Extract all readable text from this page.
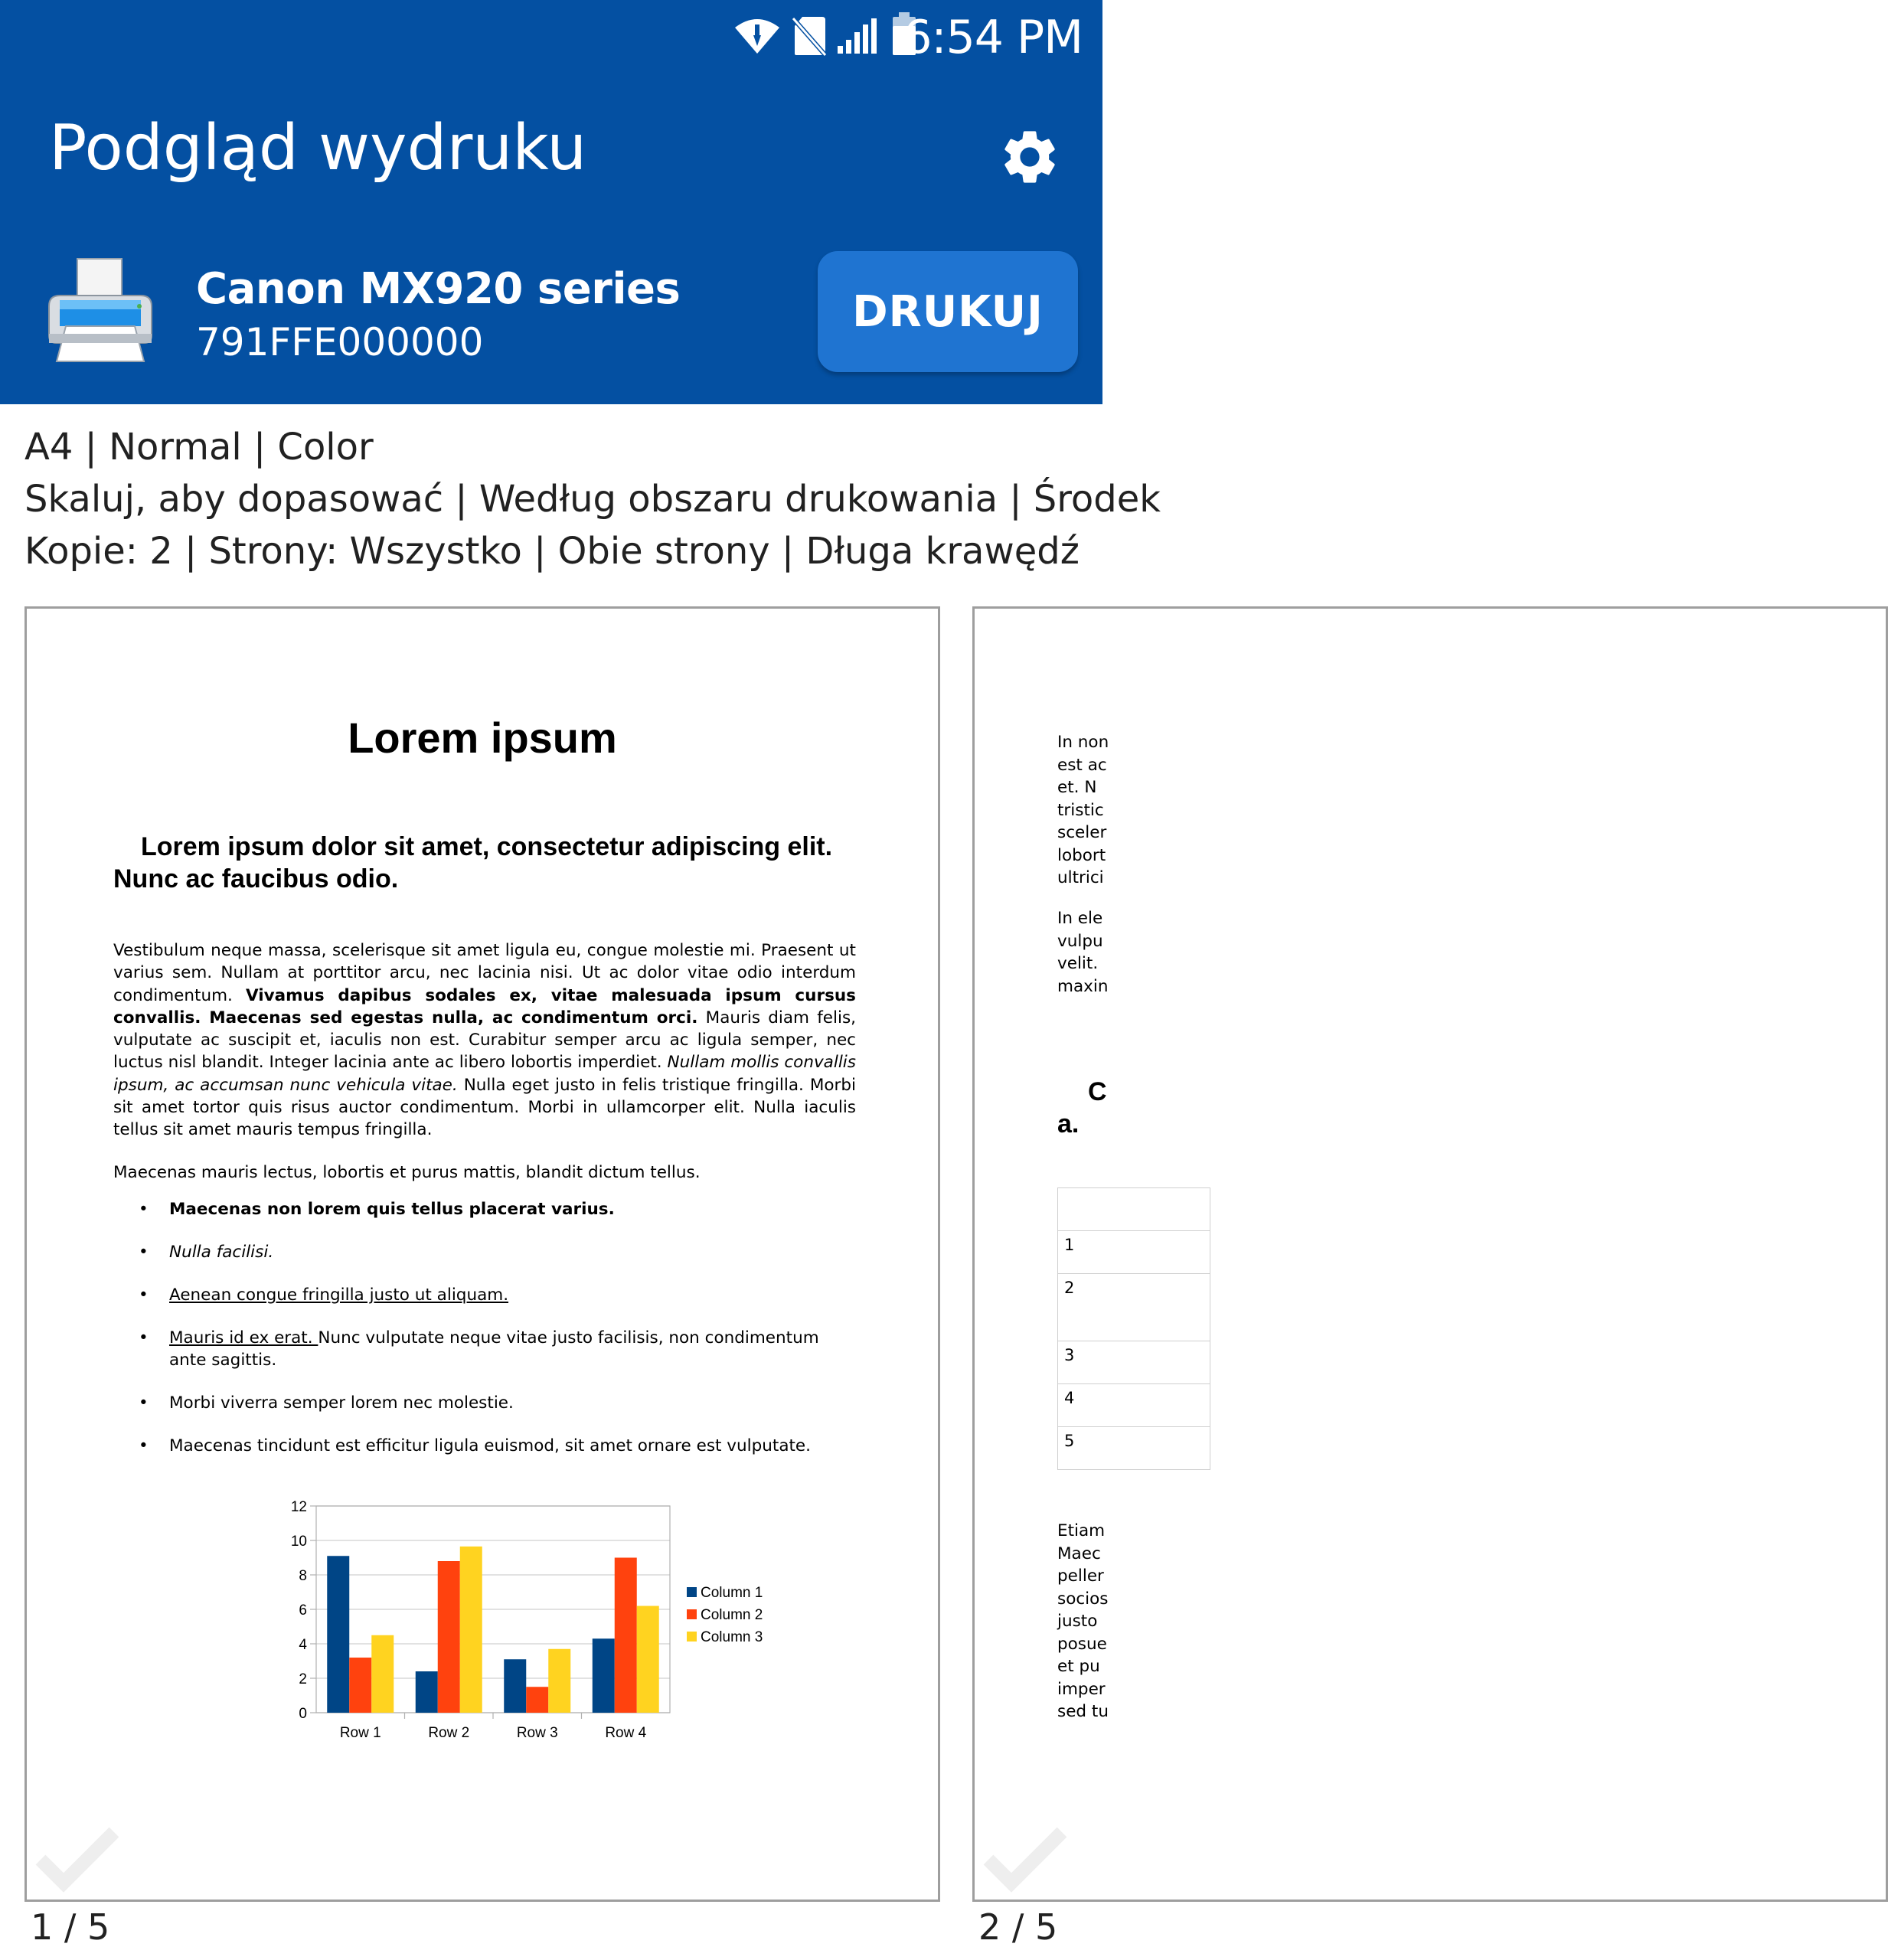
6:54 PM
Podgląd wydruku
Canon MX920 series
791FFE000000
DRUKUJ
A4 | Normal | Color
Skaluj, aby dopasować | Według obszaru drukowania | Środek
Kopie: 2 | Strony: Wszystko | Obie strony | Długa krawędź
Lorem ipsum
Lorem ipsum dolor sit amet, consectetur adipiscing elit. Nunc ac faucibus odio.
Vestibulum neque massa, scelerisque sit amet ligula eu, congue molestie mi. Praesent ut varius sem. Nullam at porttitor arcu, nec lacinia nisi. Ut ac dolor vitae odio interdum condimentum. Vivamus dapibus sodales ex, vitae malesuada ipsum cursus convallis. Maecenas sed egestas nulla, ac condimentum orci. Mauris diam felis, vulputate ac suscipit et, iaculis non est. Curabitur semper arcu ac ligula semper, nec luctus nisl blandit. Integer lacinia ante ac libero lobortis imperdiet. Nullam mollis convallis ipsum, ac accumsan nunc vehicula vitae. Nulla eget justo in felis tristique fringilla. Morbi sit amet tortor quis risus auctor condimentum. Morbi in ullamcorper elit. Nulla iaculis tellus sit amet mauris tempus fringilla.
Maecenas mauris lectus, lobortis et purus mattis, blandit dictum tellus.
• Maecenas non lorem quis tellus placerat varius.
• Nulla facilisi.
• Aenean congue fringilla justo ut aliquam.
• Mauris id ex erat. Nunc vulputate neque vitae justo facilisis, non condimentum ante sagittis.
• Morbi viverra semper lorem nec molestie.
• Maecenas tincidunt est efficitur ligula euismod, sit amet ornare est vulputate.
0
2
4
6
8
10
12
Row 1	Row 2	Row 3	Row 4
Column 1
Column 2
Column 3
1 / 5
In non
est ac
et. N
tristic
sceler
lobort
ultrici
In ele
vulpu
velit.
maxin
C
a.

1
2
3
4
5
Etiam
Maec
peller
socios
justo
posue
et pu
imper
sed tu
2 / 5
